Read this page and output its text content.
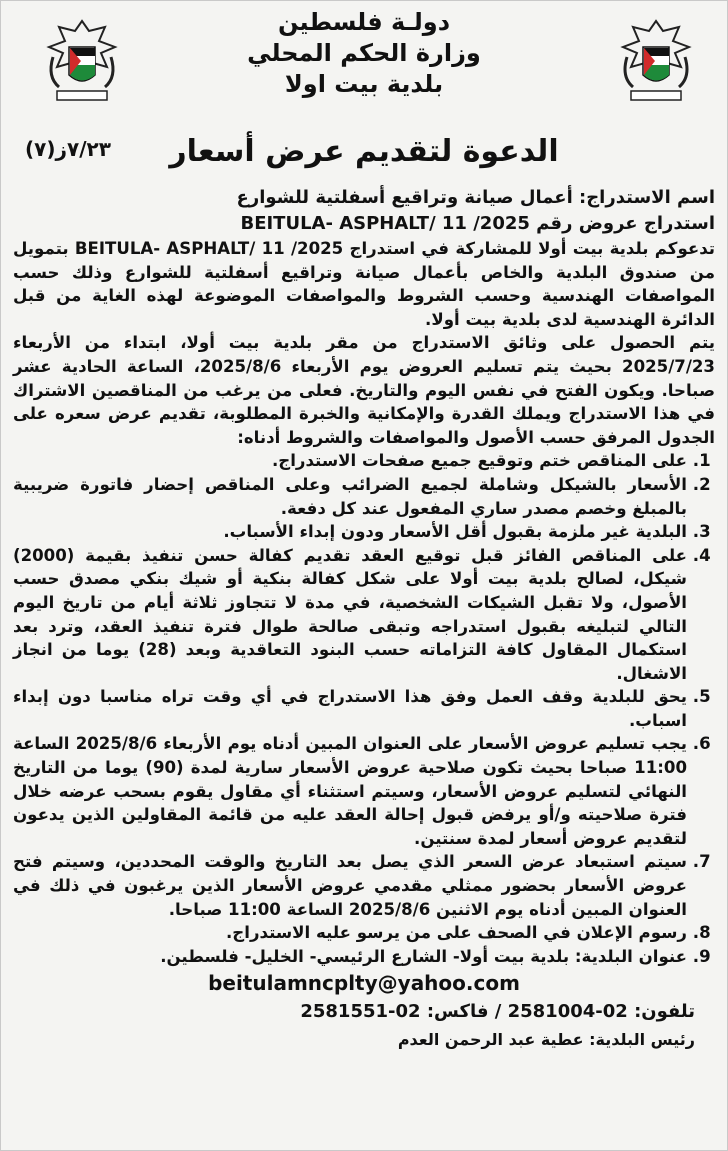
دولـة فلسطين
وزارة الحكم المحلي
بلدية بيت اولا
الدعوة لتقديم عرض أسعار
(٧)٧/٢٣ز

اسم الاستدراج: أعمال صيانة وتراقيع أسفلتية للشوارع

استدراج عروض رقم BEITULA- ASPHALT/ 11 /2025

تدعوكم بلدية بيت أولا للمشاركة في استدراج BEITULA- ASPHALT/ 11 /2025 بتمويل من صندوق البلدية والخاص بأعمال صيانة وتراقيع أسفلتية للشوارع وذلك حسب المواصفات الهندسية وحسب الشروط والمواصفات الموضوعة لهذه الغاية من قبل الدائرة الهندسية لدى بلدية بيت أولا.

يتم الحصول على وثائق الاستدراج من مقر بلدية بيت أولا، ابتداء من الأربعاء 2025/7/23 بحيث يتم تسليم العروض يوم الأربعاء 2025/8/6، الساعة الحادية عشر صباحا. ويكون الفتح في نفس اليوم والتاريخ. فعلى من يرغب من المناقصين الاشتراك في هذا الاستدراج ويملك القدرة والإمكانية والخبرة المطلوبة، تقديم عرض سعره على الجدول المرفق حسب الأصول والمواصفات والشروط أدناه:

1. على المناقص ختم وتوقيع جميع صفحات الاستدراج.
2. الأسعار بالشيكل وشاملة لجميع الضرائب وعلى المناقص إحضار فاتورة ضريبية بالمبلغ وخصم مصدر ساري المفعول عند كل دفعة.
3. البلدية غير ملزمة بقبول أقل الأسعار ودون إبداء الأسباب.
4. على المناقص الفائز قبل توقيع العقد تقديم كفالة حسن تنفيذ بقيمة (2000) شيكل، لصالح بلدية بيت أولا على شكل كفالة بنكية أو شيك بنكي مصدق حسب الأصول، ولا تقبل الشيكات الشخصية، في مدة لا تتجاوز ثلاثة أيام من تاريخ اليوم التالي لتبليغه بقبول استدراجه وتبقى صالحة طوال فترة تنفيذ العقد، وترد بعد استكمال المقاول كافة التزاماته حسب البنود التعاقدية وبعد (28) يوما من انجاز الاشغال.
5. يحق للبلدية وقف العمل وفق هذا الاستدراج في أي وقت تراه مناسبا دون إبداء اسباب.
6. يجب تسليم عروض الأسعار على العنوان المبين أدناه يوم الأربعاء 2025/8/6 الساعة 11:00 صباحا بحيث تكون صلاحية عروض الأسعار سارية لمدة (90) يوما من التاريخ النهائي لتسليم عروض الأسعار، وسيتم استثناء أي مقاول يقوم بسحب عرضه خلال فترة صلاحيته و/أو يرفض قبول إحالة العقد عليه من قائمة المقاولين الذين يدعون لتقديم عروض أسعار لمدة سنتين.
7. سيتم استبعاد عرض السعر الذي يصل بعد التاريخ والوقت المحددين، وسيتم فتح عروض الأسعار بحضور ممثلي مقدمي عروض الأسعار الذين يرغبون في ذلك في العنوان المبين أدناه يوم الاثنين 2025/8/6 الساعة 11:00 صباحا.
8. رسوم الإعلان في الصحف على من يرسو عليه الاستدراج.
9. عنوان البلدية: بلدية بيت أولا- الشارع الرئيسي- الخليل- فلسطين.
beitulamncplty@yahoo.com
تلفون: 02-2581004 / فاكس: 02-2581551
رئيس البلدية: عطية عبد الرحمن العدم
